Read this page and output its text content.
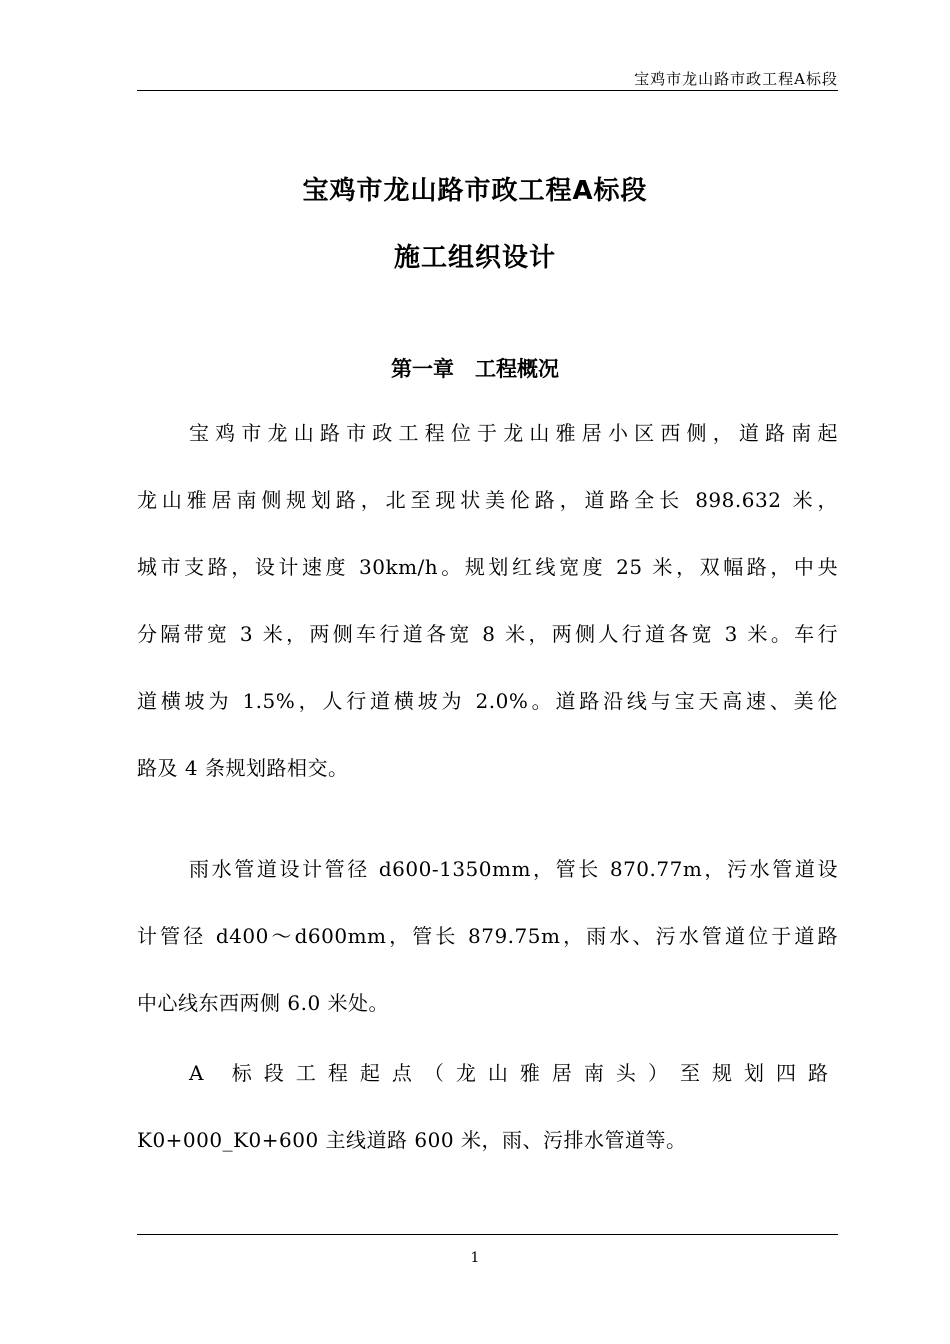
宝鸡市龙山路市政工程A标段
宝鸡市龙山路市政工程A标段
施工组织设计
第一章　工程概况
宝鸡市龙山路市政工程位于龙山雅居小区西侧，道路南起
龙山雅居南侧规划路，北至现状美伦路，道路全长 898.632 米，
城市支路，设计速度 30km/h。规划红线宽度 25 米，双幅路，中央
分隔带宽 3 米，两侧车行道各宽 8 米，两侧人行道各宽 3 米。车行
道横坡为 1.5%，人行道横坡为 2.0%。道路沿线与宝天高速、美伦
路及 4 条规划路相交。
雨水管道设计管径 d600-1350mm，管长 870.77m，污水管道设
计管径 d400～d600mm，管长 879.75m，雨水、污水管道位于道路
中心线东西两侧 6.0 米处。
A 标段工程起点（龙山雅居南头）至规划四路
K0+000_K0+600 主线道路 600 米，雨、污排水管道等。
1
